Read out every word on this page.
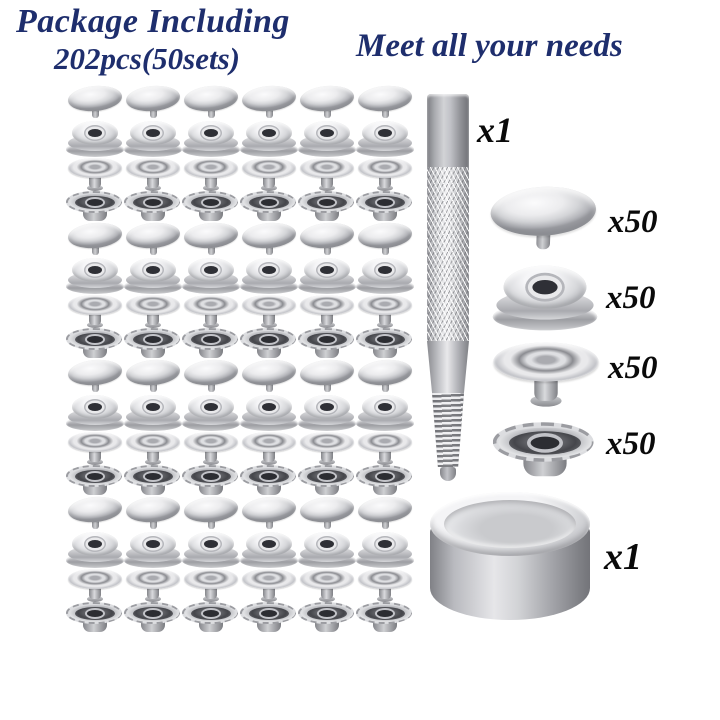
Package Including
202pcs(50sets)	Meet all your needs
x1
x50
x50
x50
x50
x1
